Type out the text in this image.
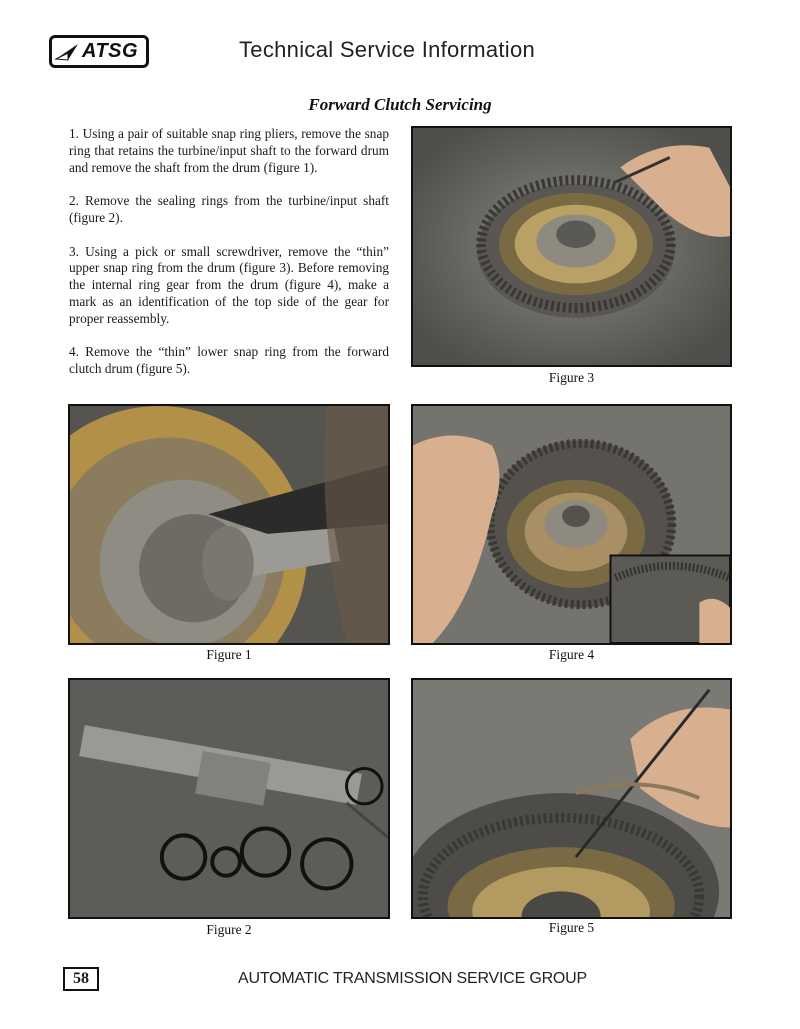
ATSG	Technical Service Information
Forward Clutch Servicing

1. Using a pair of suitable snap ring pliers, remove the snap ring that retains the turbine/input shaft to the forward drum and remove the shaft from the drum (figure 1).

2. Remove the sealing rings from the turbine/input shaft (figure 2).

3. Using a pick or small screwdriver, remove the “thin” upper snap ring from the drum (figure 3). Before removing the internal ring gear from the drum (figure 4), make a mark as an identification of the top side of the gear for proper reassembly.

4. Remove the “thin” lower snap ring from the forward clutch drum (figure 5).

Figure 3
Figure 1	Figure 4
Figure 2	Figure 5
58	AUTOMATIC TRANSMISSION SERVICE GROUP
